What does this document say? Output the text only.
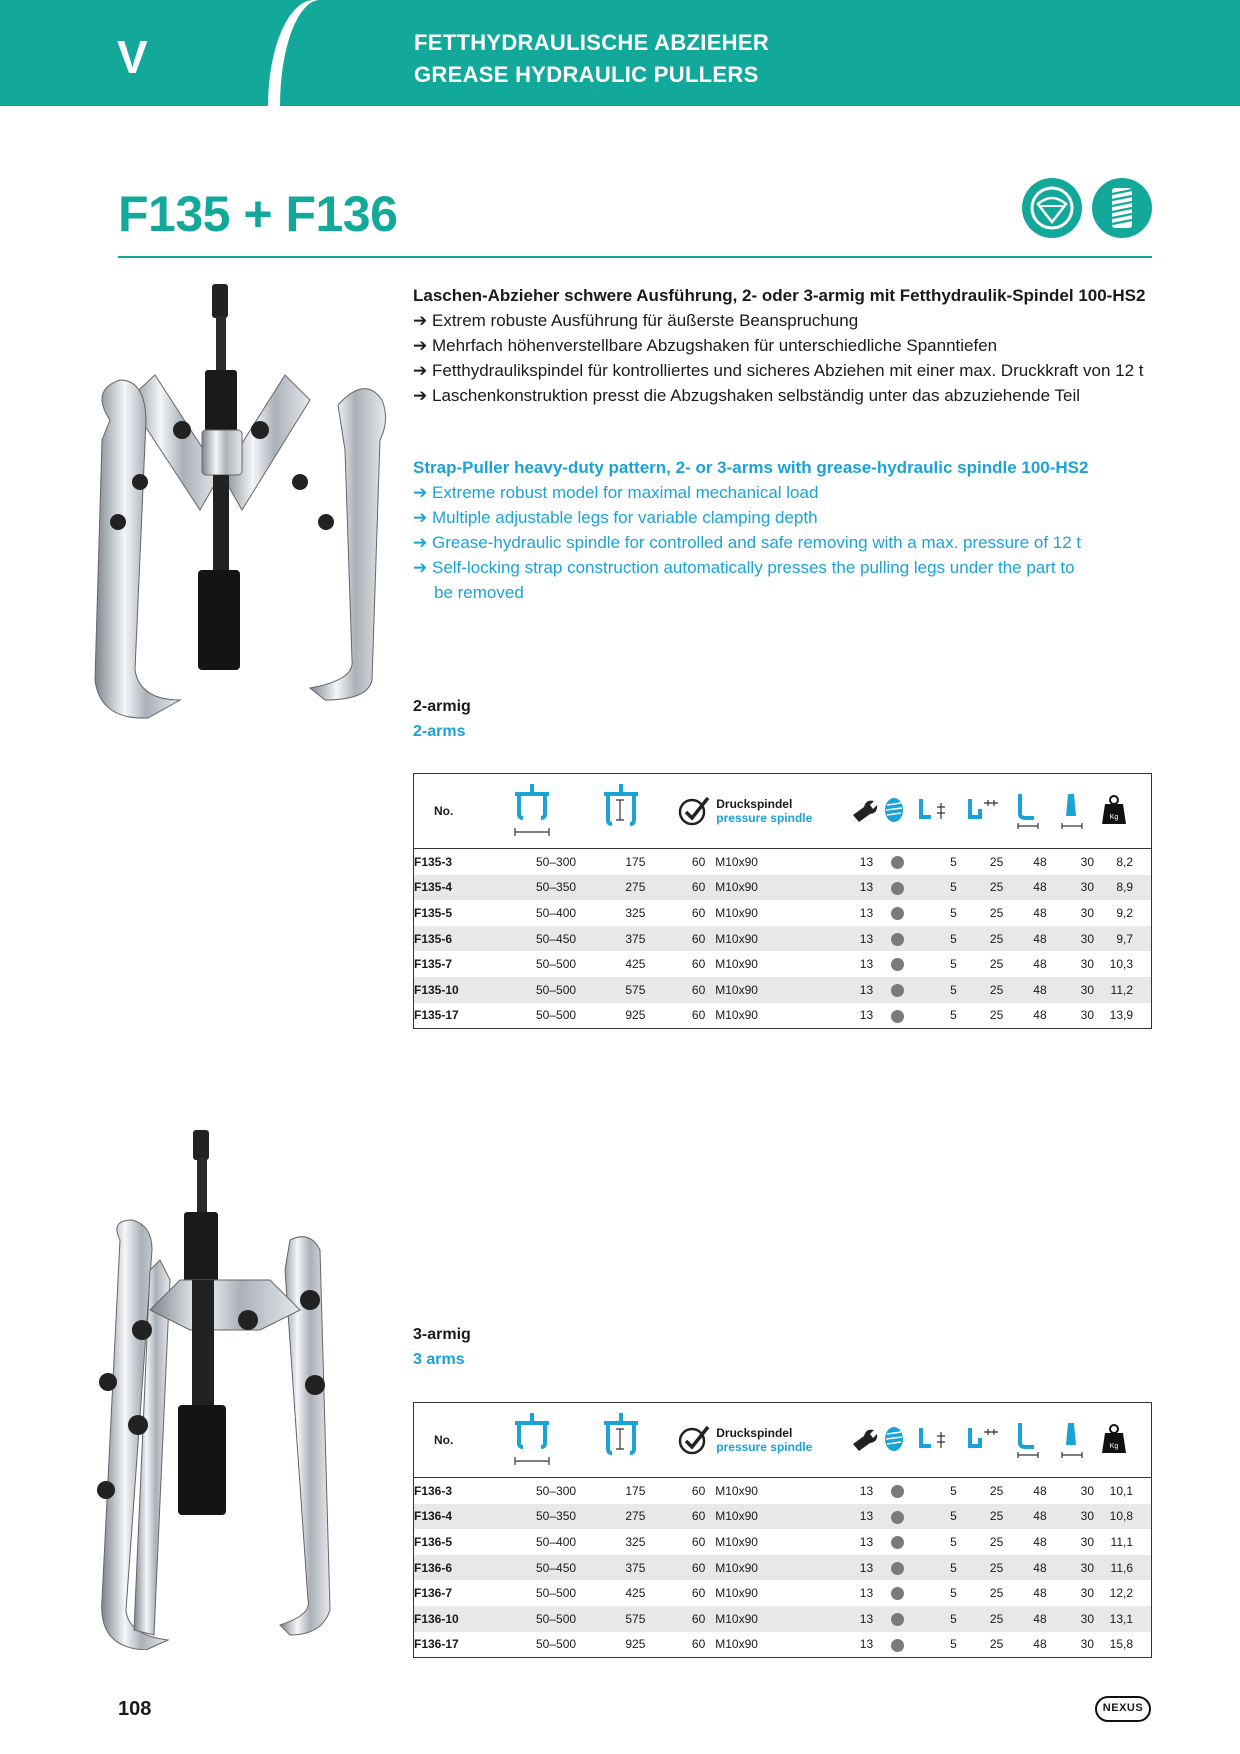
V	FETTHYDRAULISCHE ABZIEHER
GREASE HYDRAULIC PULLERS
F135 + F136
Laschen-Abzieher schwere Ausführung, 2- oder 3-armig mit Fetthydraulik-Spindel 100-HS2
➔ Extrem robuste Ausführung für äußerste Beanspruchung
➔ Mehrfach höhenverstellbare Abzugshaken für unterschiedliche Spanntiefen
➔ Fetthydraulikspindel für kontrolliertes und sicheres Abziehen mit einer max. Druckkraft von 12 t
➔ Laschenkonstruktion presst die Abzugshaken selbständig unter das abzuziehende Teil
Strap-Puller heavy-duty pattern, 2- or 3-arms with grease-hydraulic spindle 100-HS2
➔ Extreme robust model for maximal mechanical load
➔ Multiple adjustable legs for variable clamping depth
➔ Grease-hydraulic spindle for controlled and safe removing with a max. pressure of 12 t
➔ Self-locking strap construction automatically presses the pulling legs under the part to
be removed
2-armig
2-arms
No.				Druckspindel
pressure spindle							Kg

F135-3	50–300	175	60	M10x90	13		5	25	48	30	8,2
F135-4	50–350	275	60	M10x90	13		5	25	48	30	8,9
F135-5	50–400	325	60	M10x90	13		5	25	48	30	9,2
F135-6	50–450	375	60	M10x90	13		5	25	48	30	9,7
F135-7	50–500	425	60	M10x90	13		5	25	48	30	10,3
F135-10	50–500	575	60	M10x90	13		5	25	48	30	11,2
F135-17	50–500	925	60	M10x90	13		5	25	48	30	13,9
3-armig
3 arms
No.				Druckspindel
pressure spindle							Kg

F136-3	50–300	175	60	M10x90	13		5	25	48	30	10,1
F136-4	50–350	275	60	M10x90	13		5	25	48	30	10,8
F136-5	50–400	325	60	M10x90	13		5	25	48	30	11,1
F136-6	50–450	375	60	M10x90	13		5	25	48	30	11,6
F136-7	50–500	425	60	M10x90	13		5	25	48	30	12,2
F136-10	50–500	575	60	M10x90	13		5	25	48	30	13,1
F136-17	50–500	925	60	M10x90	13		5	25	48	30	15,8
108	NEXUS
